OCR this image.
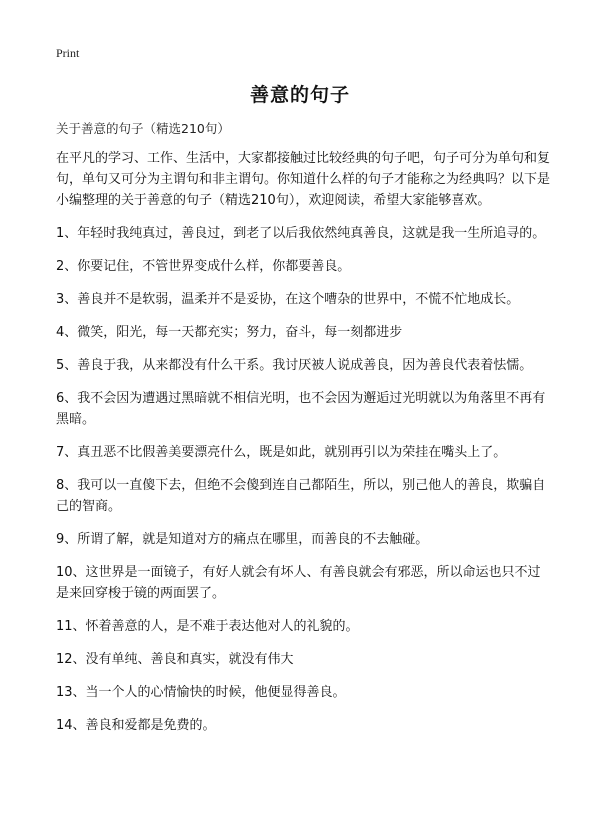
Print
善意的句子
关于善意的句子（精选210句）

在平凡的学习、工作、生活中，大家都接触过比较经典的句子吧，句子可分为单句和复句，单句又可分为主谓句和非主谓句。你知道什么样的句子才能称之为经典吗？以下是小编整理的关于善意的句子（精选210句），欢迎阅读，希望大家能够喜欢。

1、年轻时我纯真过，善良过，到老了以后我依然纯真善良，这就是我一生所追寻的。

2、你要记住，不管世界变成什么样，你都要善良。

3、善良并不是软弱，温柔并不是妥协，在这个嘈杂的世界中，不慌不忙地成长。

4、微笑，阳光，每一天都充实；努力，奋斗，每一刻都进步

5、善良于我，从来都没有什么干系。我讨厌被人说成善良，因为善良代表着怯懦。

6、我不会因为遭遇过黑暗就不相信光明，也不会因为邂逅过光明就以为角落里不再有黑暗。

7、真丑恶不比假善美要漂亮什么，既是如此，就别再引以为荣挂在嘴头上了。

8、我可以一直傻下去，但绝不会傻到连自己都陌生，所以，别己他人的善良，欺骗自己的智商。

9、所谓了解，就是知道对方的痛点在哪里，而善良的不去触碰。

10、这世界是一面镜子，有好人就会有坏人、有善良就会有邪恶，所以命运也只不过是来回穿梭于镜的两面罢了。

11、怀着善意的人，是不难于表达他对人的礼貌的。

12、没有单纯、善良和真实，就没有伟大

13、当一个人的心情愉快的时候，他便显得善良。

14、善良和爱都是免费的。
